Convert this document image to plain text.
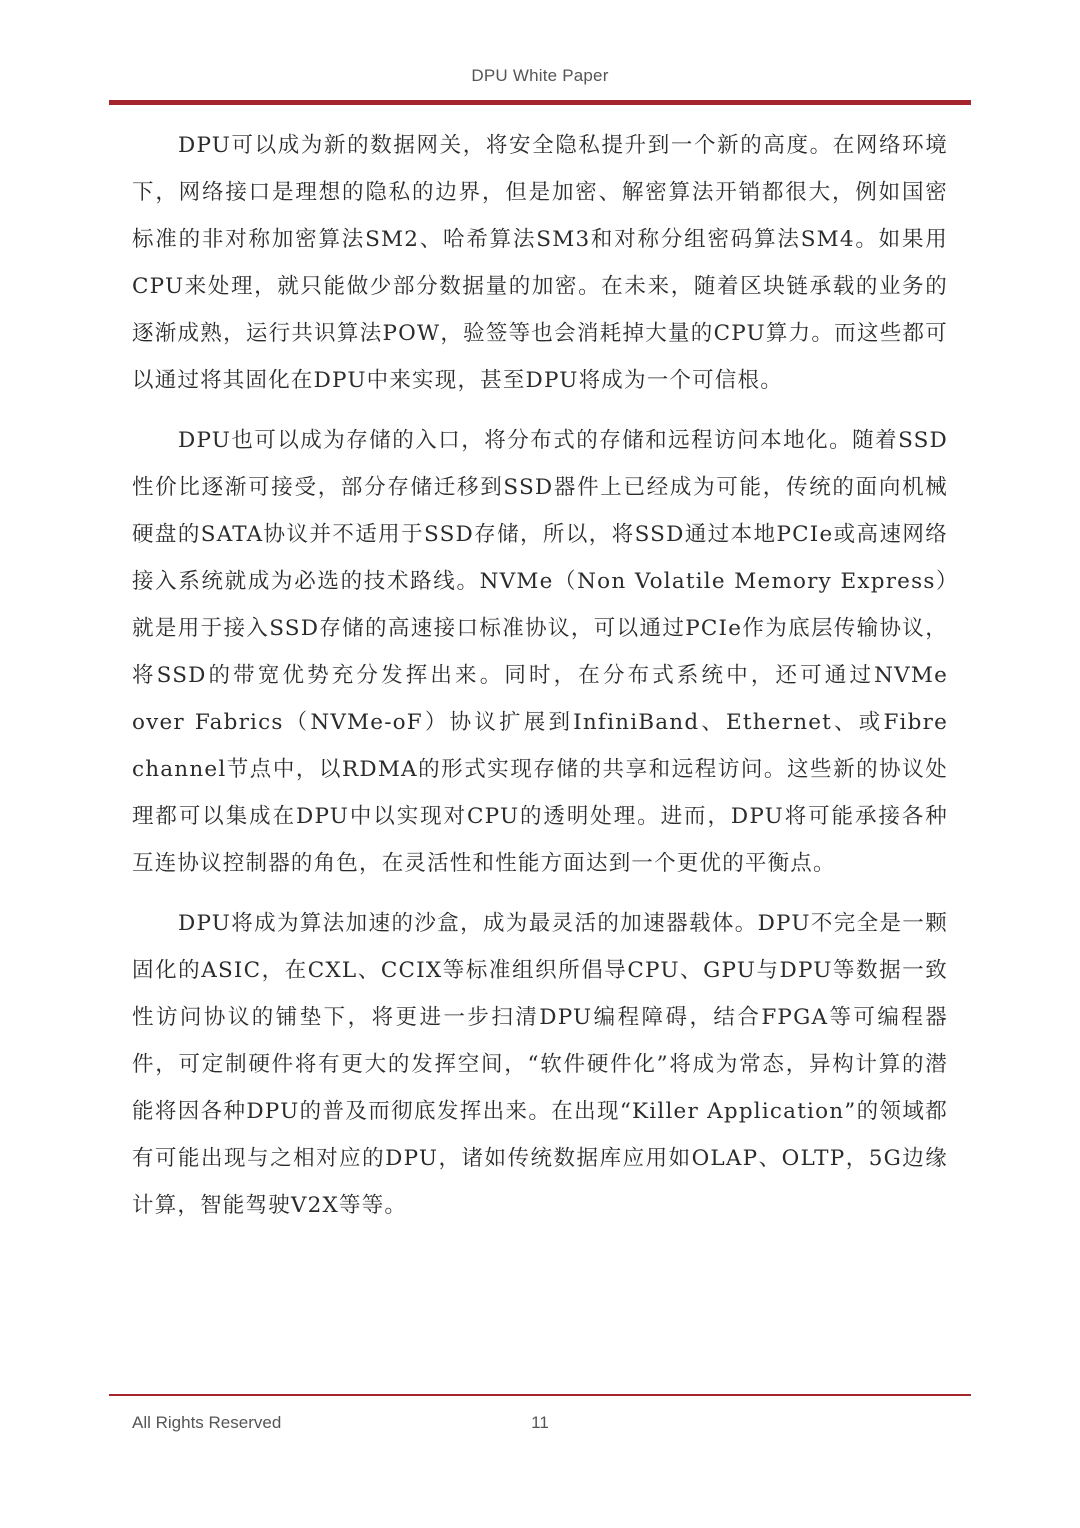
DPU White Paper

DPU可以成为新的数据网关，将安全隐私提升到一个新的高度。在网络环境下，网络接口是理想的隐私的边界，但是加密、解密算法开销都很大，例如国密标准的非对称加密算法SM2、哈希算法SM3和对称分组密码算法SM4。如果用CPU来处理，就只能做少部分数据量的加密。在未来，随着区块链承载的业务的逐渐成熟，运行共识算法POW，验签等也会消耗掉大量的CPU算力。而这些都可以通过将其固化在DPU中来实现，甚至DPU将成为一个可信根。

DPU也可以成为存储的入口，将分布式的存储和远程访问本地化。随着SSD性价比逐渐可接受，部分存储迁移到SSD器件上已经成为可能，传统的面向机械硬盘的SATA协议并不适用于SSD存储，所以，将SSD通过本地PCIe或高速网络接入系统就成为必选的技术路线。NVMe（Non Volatile Memory Express）就是用于接入SSD存储的高速接口标准协议，可以通过PCIe作为底层传输协议，将SSD的带宽优势充分发挥出来。同时，在分布式系统中，还可通过NVMe over Fabrics（NVMe-oF）协议扩展到InfiniBand、Ethernet、或Fibre channel节点中，以RDMA的形式实现存储的共享和远程访问。这些新的协议处理都可以集成在DPU中以实现对CPU的透明处理。进而，DPU将可能承接各种互连协议控制器的角色，在灵活性和性能方面达到一个更优的平衡点。

DPU将成为算法加速的沙盒，成为最灵活的加速器载体。DPU不完全是一颗固化的ASIC，在CXL、CCIX等标准组织所倡导CPU、GPU与DPU等数据一致性访问协议的铺垫下，将更进一步扫清DPU编程障碍，结合FPGA等可编程器件，可定制硬件将有更大的发挥空间，“软件硬件化”将成为常态，异构计算的潜能将因各种DPU的普及而彻底发挥出来。在出现“Killer Application”的领域都有可能出现与之相对应的DPU，诸如传统数据库应用如OLAP、OLTP，5G边缘计算，智能驾驶V2X等等。

All Rights Reserved	11
